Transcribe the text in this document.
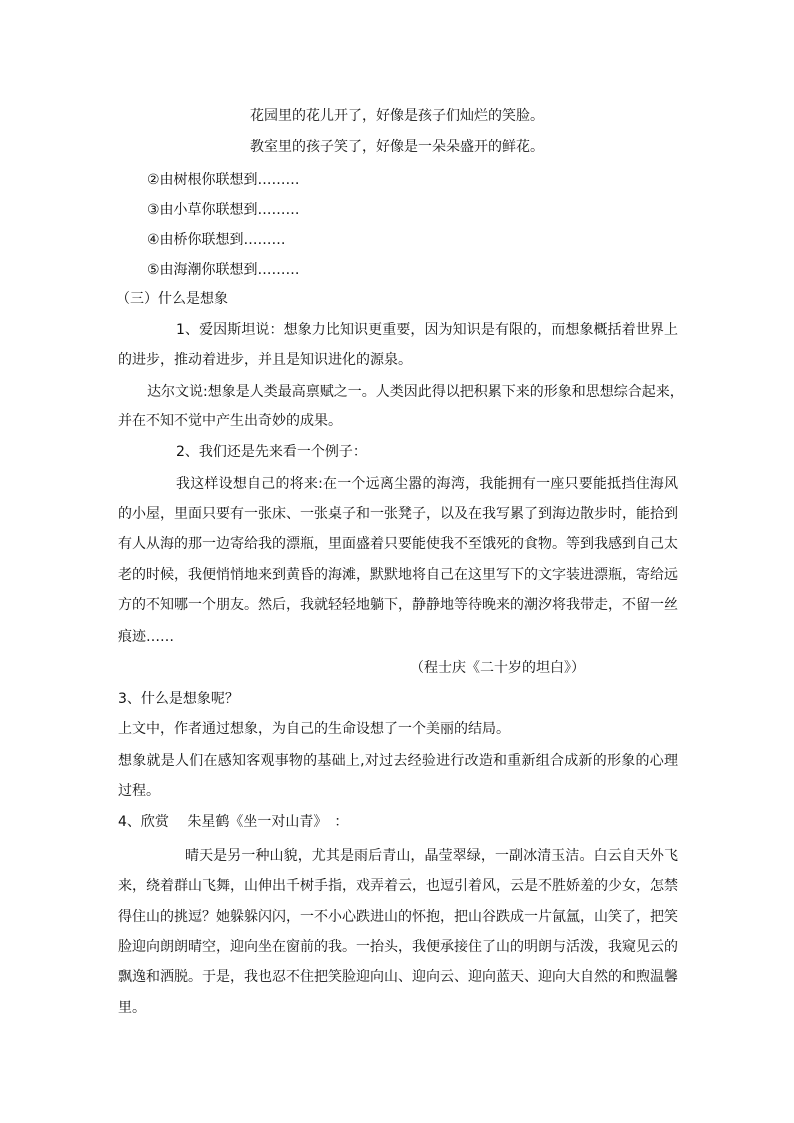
花园里的花儿开了，好像是孩子们灿烂的笑脸。
教室里的孩子笑了，好像是一朵朵盛开的鲜花。
②由树根你联想到………
③由小草你联想到………
④由桥你联想到………
⑤由海潮你联想到………
（三）什么是想象
1、爱因斯坦说：想象力比知识更重要，因为知识是有限的，而想象概括着世界上
的进步，推动着进步，并且是知识进化的源泉。
达尔文说:想象是人类最高禀赋之一。人类因此得以把积累下来的形象和思想综合起来，
并在不知不觉中产生出奇妙的成果。
2、我们还是先来看一个例子：
我这样设想自己的将来:在一个远离尘嚣的海湾，我能拥有一座只要能抵挡住海风
的小屋，里面只要有一张床、一张桌子和一张凳子，以及在我写累了到海边散步时，能拾到
有人从海的那一边寄给我的漂瓶，里面盛着只要能使我不至饿死的食物。等到我感到自己太
老的时候，我便悄悄地来到黄昏的海滩，默默地将自己在这里写下的文字装进漂瓶，寄给远
方的不知哪一个朋友。然后，我就轻轻地躺下，静静地等待晚来的潮汐将我带走，不留一丝
痕迹……
（程士庆《二十岁的坦白》）
3、什么是想象呢？
上文中，作者通过想象，为自己的生命设想了一个美丽的结局。
想象就是人们在感知客观事物的基础上,对过去经验进行改造和重新组合成新的形象的心理
过程。
4、欣赏　 朱星鹤《坐一对山青》　：
晴天是另一种山貌，尤其是雨后青山，晶莹翠绿，一副冰清玉洁。白云自天外飞
来，绕着群山飞舞，山伸出千树手指，戏弄着云，也逗引着风，云是不胜娇羞的少女，怎禁
得住山的挑逗？她躲躲闪闪，一不小心跌进山的怀抱，把山谷跌成一片氤氲，山笑了，把笑
脸迎向朗朗晴空，迎向坐在窗前的我。一抬头，我便承接住了山的明朗与活泼，我窥见云的
飘逸和洒脱。于是，我也忍不住把笑脸迎向山、迎向云、迎向蓝天、迎向大自然的和煦温馨
里。
